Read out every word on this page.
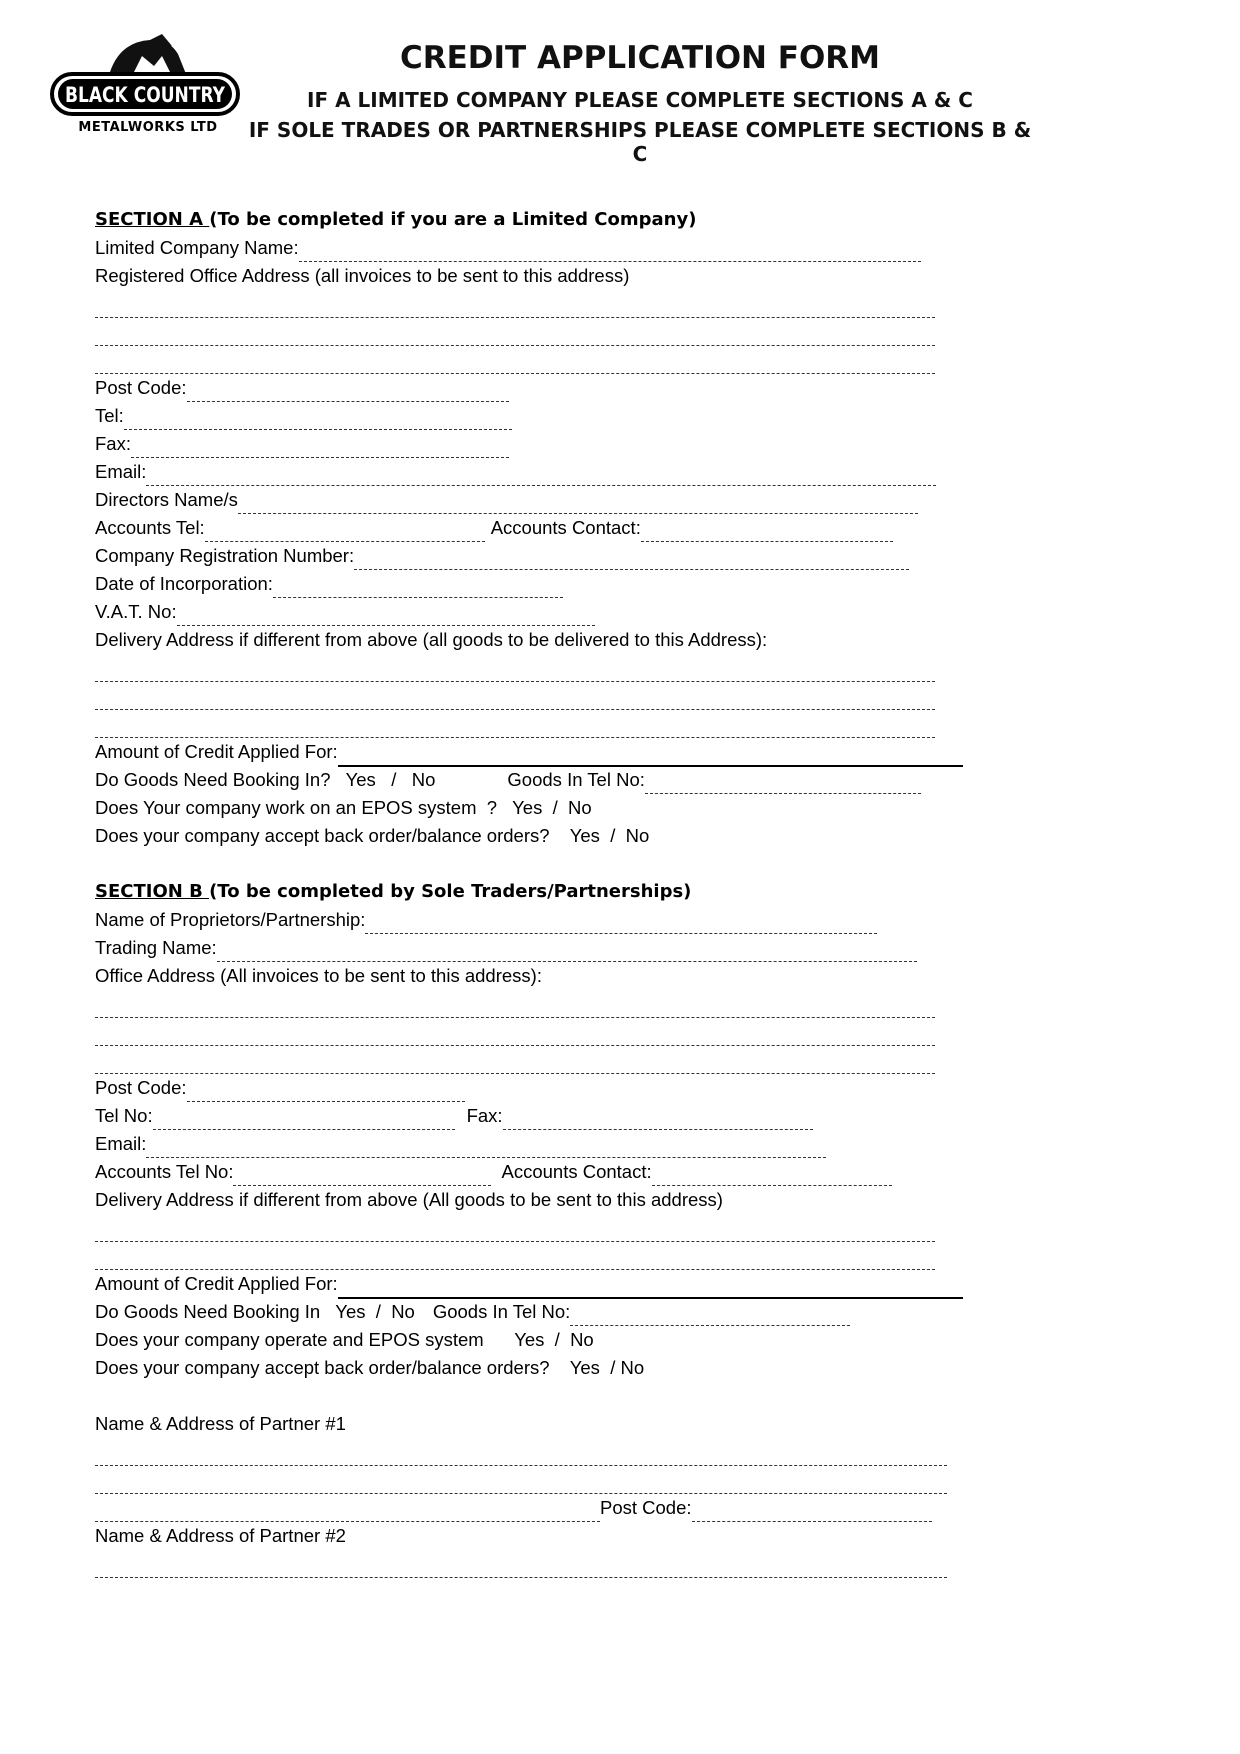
BLACK COUNTRY
METALWORKS LTD
CREDIT APPLICATION FORM
IF A LIMITED COMPANY PLEASE COMPLETE SECTIONS A & C
IF SOLE TRADES OR PARTNERSHIPS PLEASE COMPLETE SECTIONS B & C
SECTION A (To be completed if you are a Limited Company)
Limited Company Name:
Registered Office Address (all invoices to be sent to this address)
Post Code:
Tel:
Fax:
Email:
Directors Name/s
Accounts Tel:	Accounts Contact:
Company Registration Number:
Date of Incorporation:
V.A.T. No:
Delivery Address if different from above (all goods to be delivered to this Address):
Amount of Credit Applied For:
Do Goods Need Booking In?   Yes   /   No	Goods In Tel No:
Does Your company work on an EPOS system  ?   Yes  /  No
Does your company accept back order/balance orders?    Yes  /  No
SECTION B (To be completed by Sole Traders/Partnerships)
Name of Proprietors/Partnership:
Trading Name:
Office Address (All invoices to be sent to this address):
Post Code:
Tel No:	Fax:
Email:
Accounts Tel No:	Accounts Contact:
Delivery Address if different from above (All goods to be sent to this address)
Amount of Credit Applied For:
Do Goods Need Booking In   Yes  /  No Goods In Tel No:
Does your company operate and EPOS system      Yes  /  No
Does your company accept back order/balance orders?    Yes  / No
Name & Address of Partner #1
Post Code:
Name & Address of Partner #2
